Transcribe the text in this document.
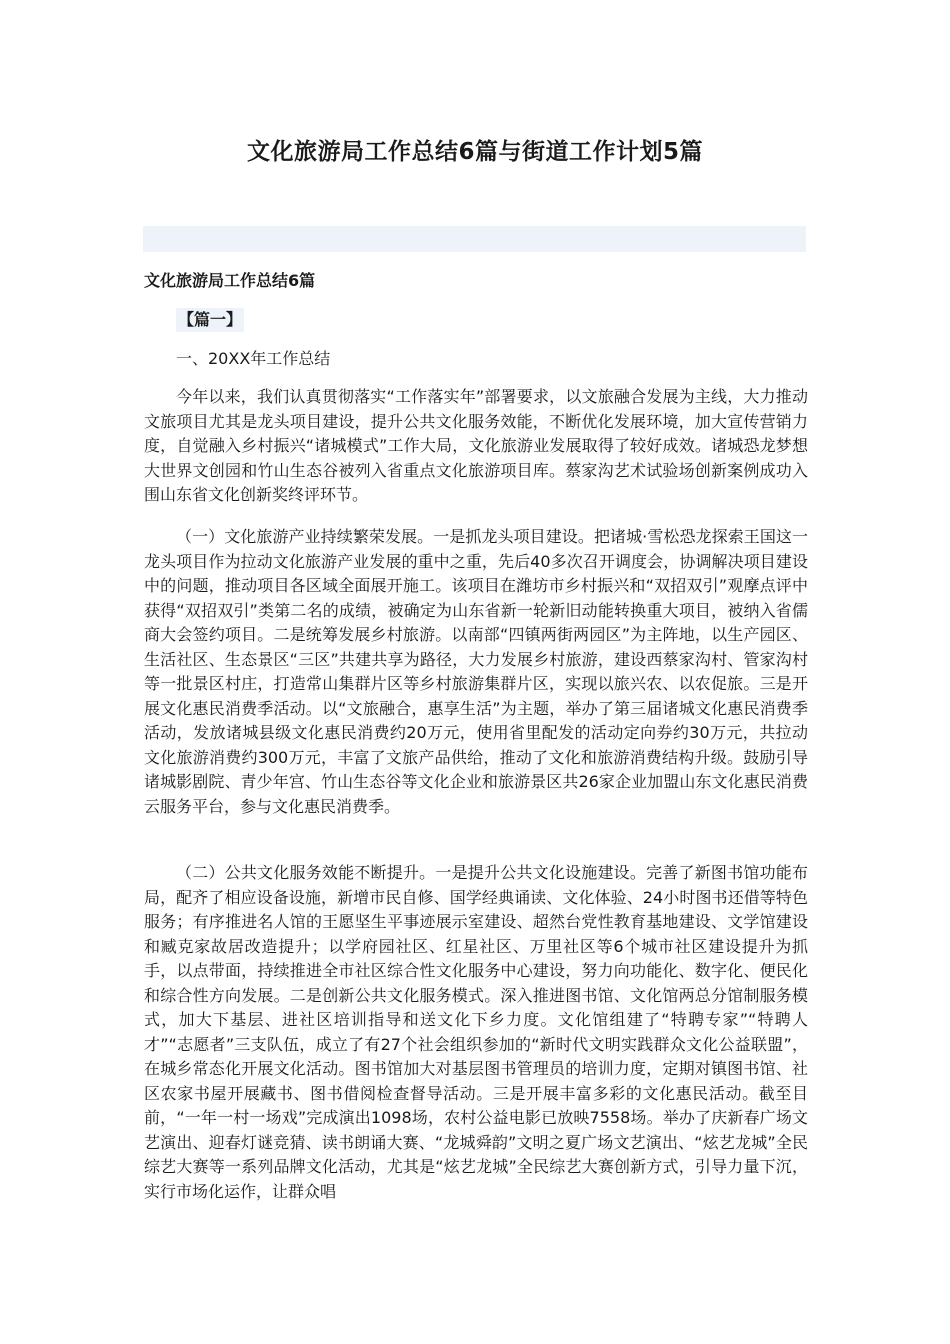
文化旅游局工作总结6篇与街道工作计划5篇
文化旅游局工作总结6篇
【篇一】
一、20XX年工作总结

今年以来，我们认真贯彻落实“工作落实年”部署要求，以文旅融合发展为主线，大力推动文旅项目尤其是龙头项目建设，提升公共文化服务效能，不断优化发展环境，加大宣传营销力度，自觉融入乡村振兴“诸城模式”工作大局，文化旅游业发展取得了较好成效。诸城恐龙梦想大世界文创园和竹山生态谷被列入省重点文化旅游项目库。蔡家沟艺术试验场创新案例成功入围山东省文化创新奖终评环节。

（一）文化旅游产业持续繁荣发展。一是抓龙头项目建设。把诸城·雪松恐龙探索王国这一龙头项目作为拉动文化旅游产业发展的重中之重，先后40多次召开调度会，协调解决项目建设中的问题，推动项目各区域全面展开施工。该项目在潍坊市乡村振兴和“双招双引”观摩点评中获得“双招双引”类第二名的成绩，被确定为山东省新一轮新旧动能转换重大项目，被纳入省儒商大会签约项目。二是统筹发展乡村旅游。以南部“四镇两街两园区”为主阵地，以生产园区、生活社区、生态景区“三区”共建共享为路径，大力发展乡村旅游，建设西蔡家沟村、管家沟村等一批景区村庄，打造常山集群片区等乡村旅游集群片区，实现以旅兴农、以农促旅。三是开展文化惠民消费季活动。以“文旅融合，惠享生活”为主题，举办了第三届诸城文化惠民消费季活动，发放诸城县级文化惠民消费约20万元，使用省里配发的活动定向券约30万元，共拉动文化旅游消费约300万元，丰富了文旅产品供给，推动了文化和旅游消费结构升级。鼓励引导诸城影剧院、青少年宫、竹山生态谷等文化企业和旅游景区共26家企业加盟山东文化惠民消费云服务平台，参与文化惠民消费季。

（二）公共文化服务效能不断提升。一是提升公共文化设施建设。完善了新图书馆功能布局，配齐了相应设备设施，新增市民自修、国学经典诵读、文化体验、24小时图书还借等特色服务；有序推进名人馆的王愿坚生平事迹展示室建设、超然台党性教育基地建设、文学馆建设和臧克家故居改造提升；以学府园社区、红星社区、万里社区等6个城市社区建设提升为抓手，以点带面，持续推进全市社区综合性文化服务中心建设，努力向功能化、数字化、便民化和综合性方向发展。二是创新公共文化服务模式。深入推进图书馆、文化馆两总分馆制服务模式，加大下基层、进社区培训指导和送文化下乡力度。文化馆组建了“特聘专家”“特聘人才”“志愿者”三支队伍，成立了有27个社会组织参加的“新时代文明实践群众文化公益联盟”，在城乡常态化开展文化活动。图书馆加大对基层图书管理员的培训力度，定期对镇图书馆、社区农家书屋开展藏书、图书借阅检查督导活动。三是开展丰富多彩的文化惠民活动。截至目前，“一年一村一场戏”完成演出1098场，农村公益电影已放映7558场。举办了庆新春广场文艺演出、迎春灯谜竞猜、读书朗诵大赛、“龙城舜韵”文明之夏广场文艺演出、“炫艺龙城”全民综艺大赛等一系列品牌文化活动，尤其是“炫艺龙城”全民综艺大赛创新方式，引导力量下沉，实行市场化运作，让群众唱
